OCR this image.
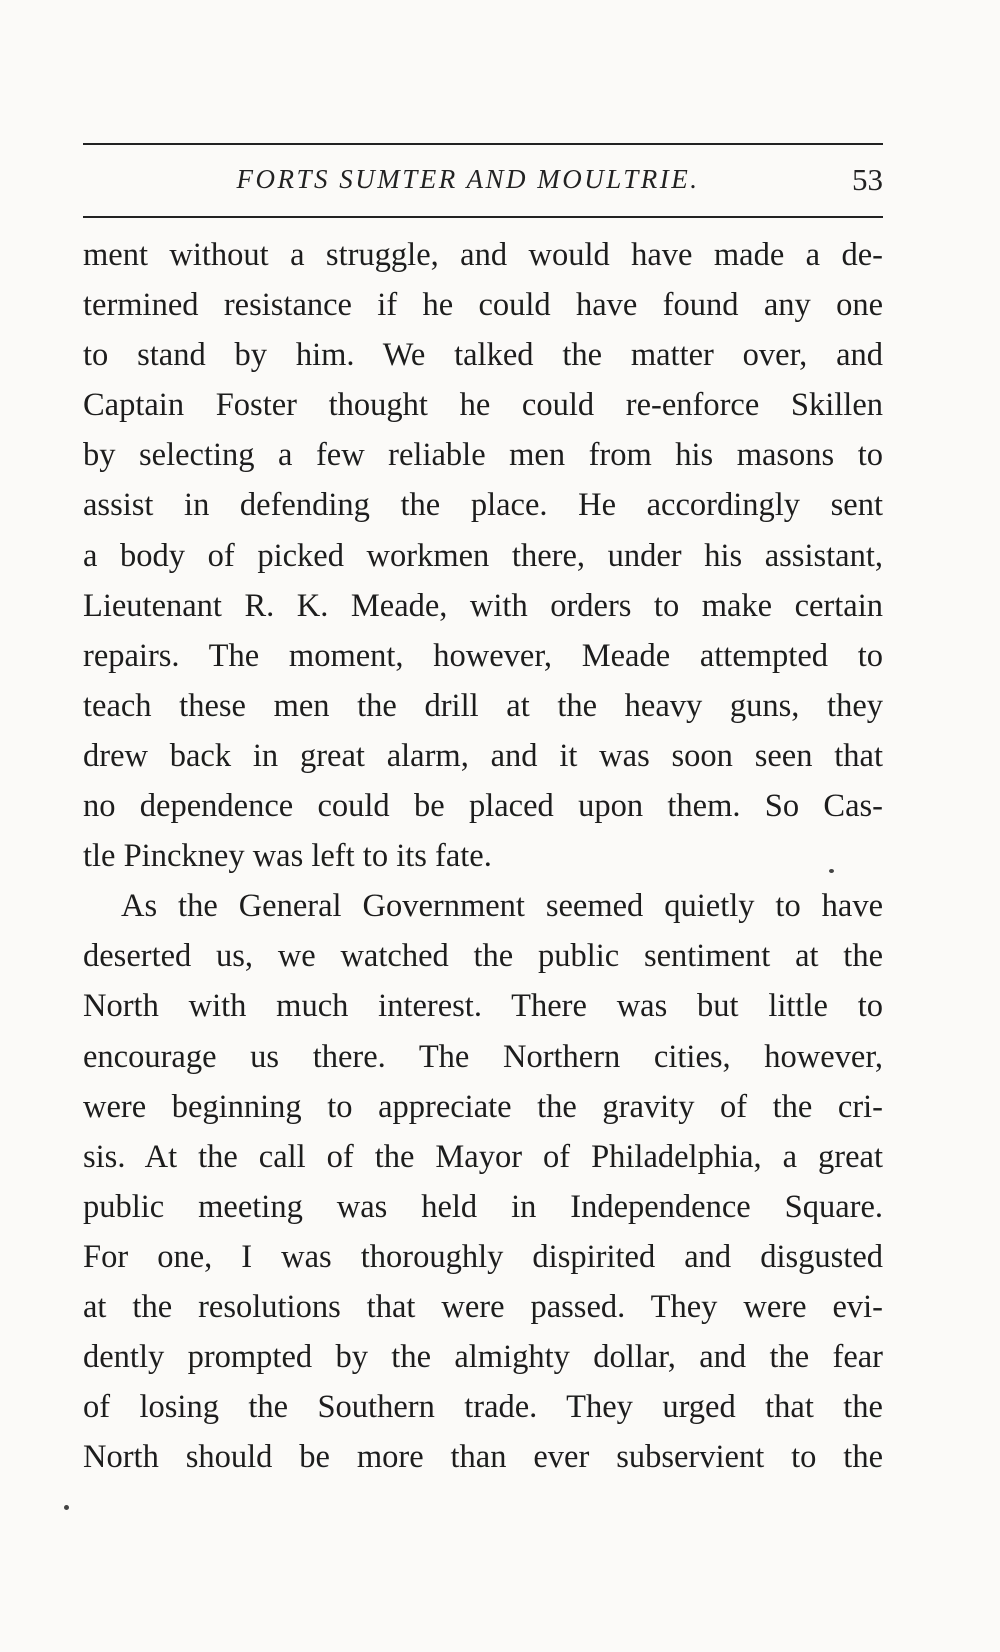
FORTS SUMTER AND MOULTRIE.	53
ment without a struggle, and would have made a de-
termined resistance if he could have found any one
to stand by him. We talked the matter over, and
Captain Foster thought he could re-enforce Skillen
by selecting a few reliable men from his masons to
assist in defending the place. He accordingly sent
a body of picked workmen there, under his assistant,
Lieutenant R. K. Meade, with orders to make certain
repairs. The moment, however, Meade attempted to
teach these men the drill at the heavy guns, they
drew back in great alarm, and it was soon seen that
no dependence could be placed upon them. So Cas-
tle Pinckney was left to its fate.
As the General Government seemed quietly to have
deserted us, we watched the public sentiment at the
North with much interest. There was but little to
encourage us there. The Northern cities, however,
were beginning to appreciate the gravity of the cri-
sis. At the call of the Mayor of Philadelphia, a great
public meeting was held in Independence Square.
For one, I was thoroughly dispirited and disgusted
at the resolutions that were passed. They were evi-
dently prompted by the almighty dollar, and the fear
of losing the Southern trade. They urged that the
North should be more than ever subservient to the
